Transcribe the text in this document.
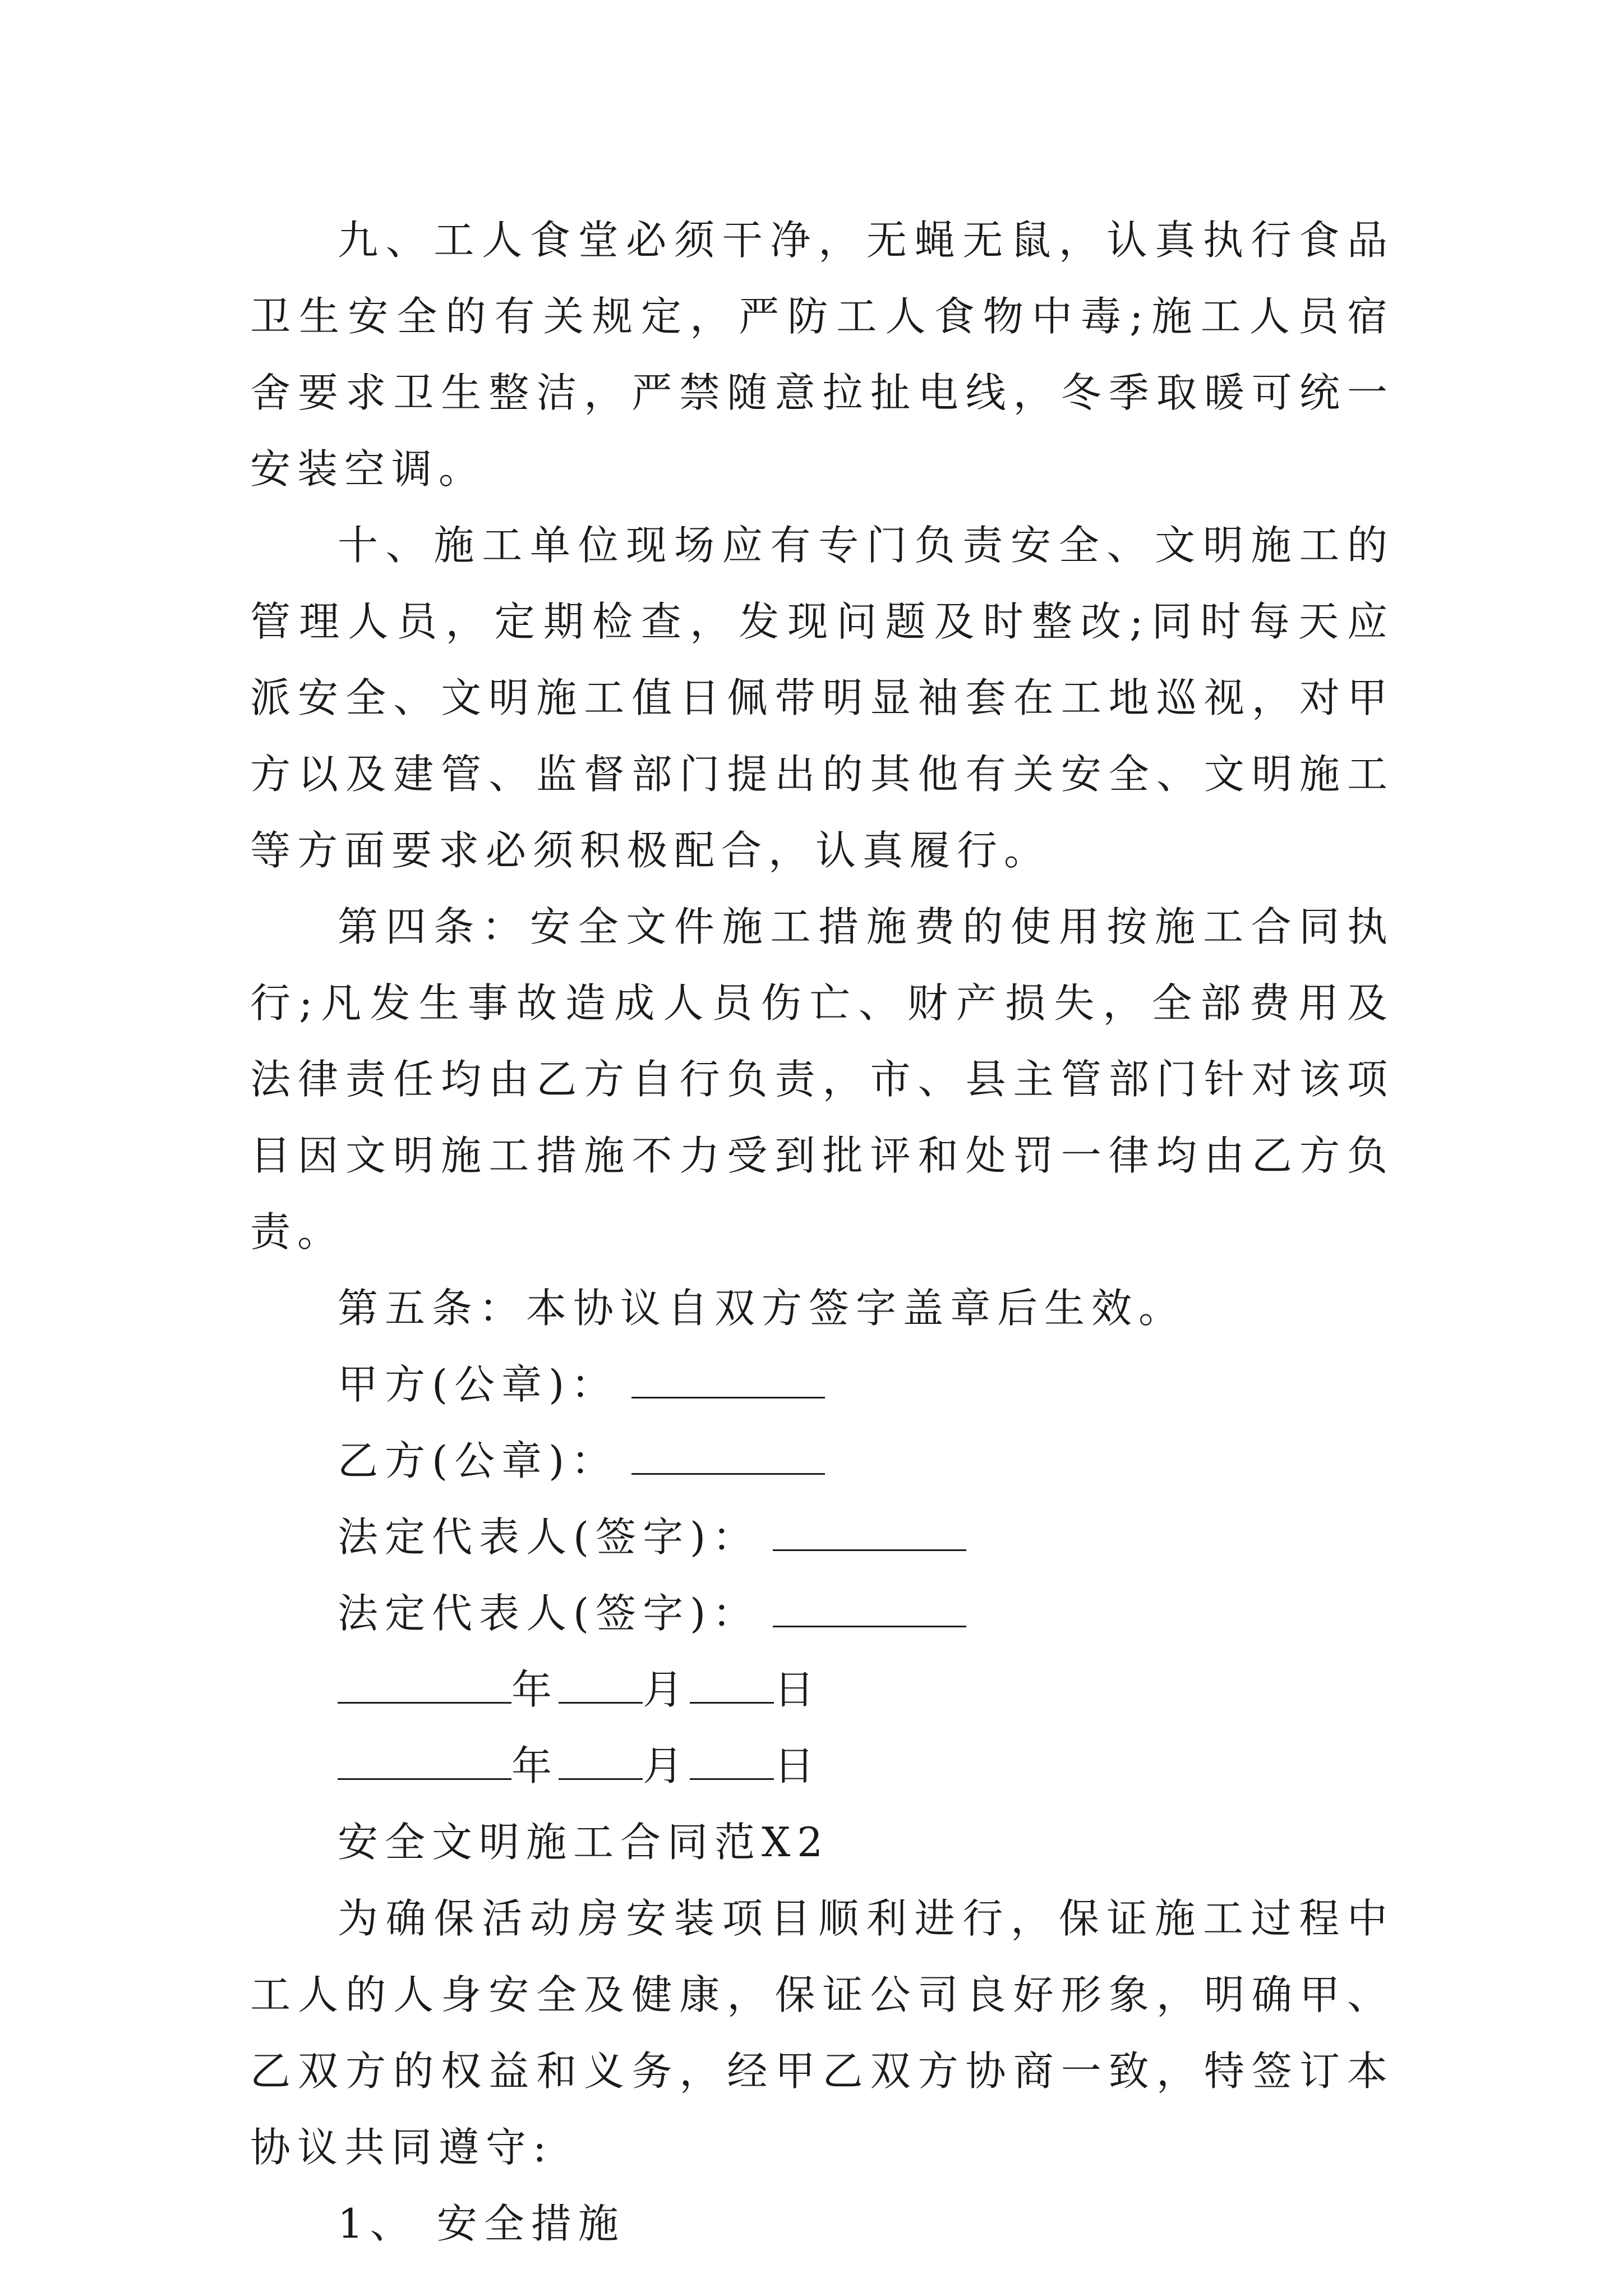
九、工人食堂必须干净，无蝇无鼠，认真执行食品卫生安全的有关规定，严防工人食物中毒;施工人员宿舍要求卫生整洁，严禁随意拉扯电线，冬季取暖可统一安装空调。

十、施工单位现场应有专门负责安全、文明施工的管理人员，定期检查，发现问题及时整改;同时每天应派安全、文明施工值日佩带明显袖套在工地巡视，对甲方以及建管、监督部门提出的其他有关安全、文明施工等方面要求必须积极配合，认真履行。

第四条：安全文件施工措施费的使用按施工合同执行;凡发生事故造成人员伤亡、财产损失，全部费用及法律责任均由乙方自行负责，市、县主管部门针对该项目因文明施工措施不力受到批评和处罚一律均由乙方负责。

第五条：本协议自双方签字盖章后生效。

甲方(公章)：

乙方(公章)：

法定代表人(签字)：

法定代表人(签字)：

年 月 日

年 月 日

安全文明施工合同范X2

为确保活动房安装项目顺利进行，保证施工过程中工人的人身安全及健康，保证公司良好形象，明确甲、乙双方的权益和义务，经甲乙双方协商一致，特签订本协议共同遵守:

1、 安全措施
